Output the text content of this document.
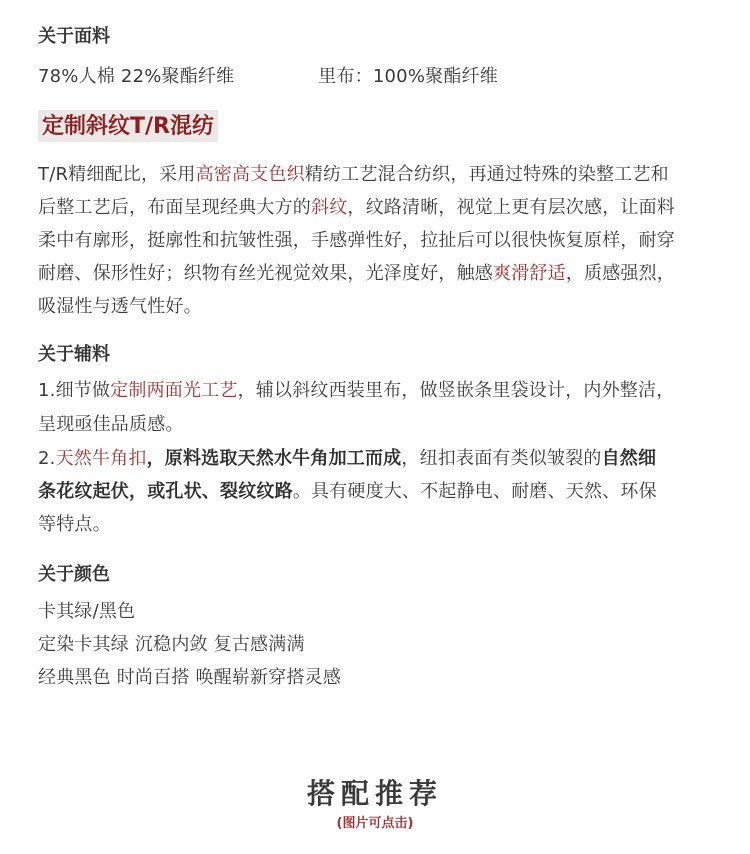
关于面料
78%人棉 22%聚酯纤维	里布：100%聚酯纤维
定制斜纹T/R混纺
T/R精细配比，采用高密高支色织精纺工艺混合纺织，再通过特殊的染整工艺和
后整工艺后，布面呈现经典大方的斜纹，纹路清晰，视觉上更有层次感，让面料
柔中有廓形，挺廓性和抗皱性强，手感弹性好，拉扯后可以很快恢复原样，耐穿
耐磨、保形性好；织物有丝光视觉效果，光泽度好，触感爽滑舒适，质感强烈，
吸湿性与透气性好。
关于辅料
1.细节做定制两面光工艺，辅以斜纹西装里布，做竖嵌条里袋设计，内外整洁，
呈现亟佳品质感。
2.天然牛角扣，原料选取天然水牛角加工而成，纽扣表面有类似皱裂的自然细
条花纹起伏，或孔状、裂纹纹路。具有硬度大、不起静电、耐磨、天然、环保
等特点。
关于颜色
卡其绿/黑色
定染卡其绿 沉稳内敛 复古感满满
经典黑色 时尚百搭 唤醒崭新穿搭灵感
搭配推荐
(图片可点击)
